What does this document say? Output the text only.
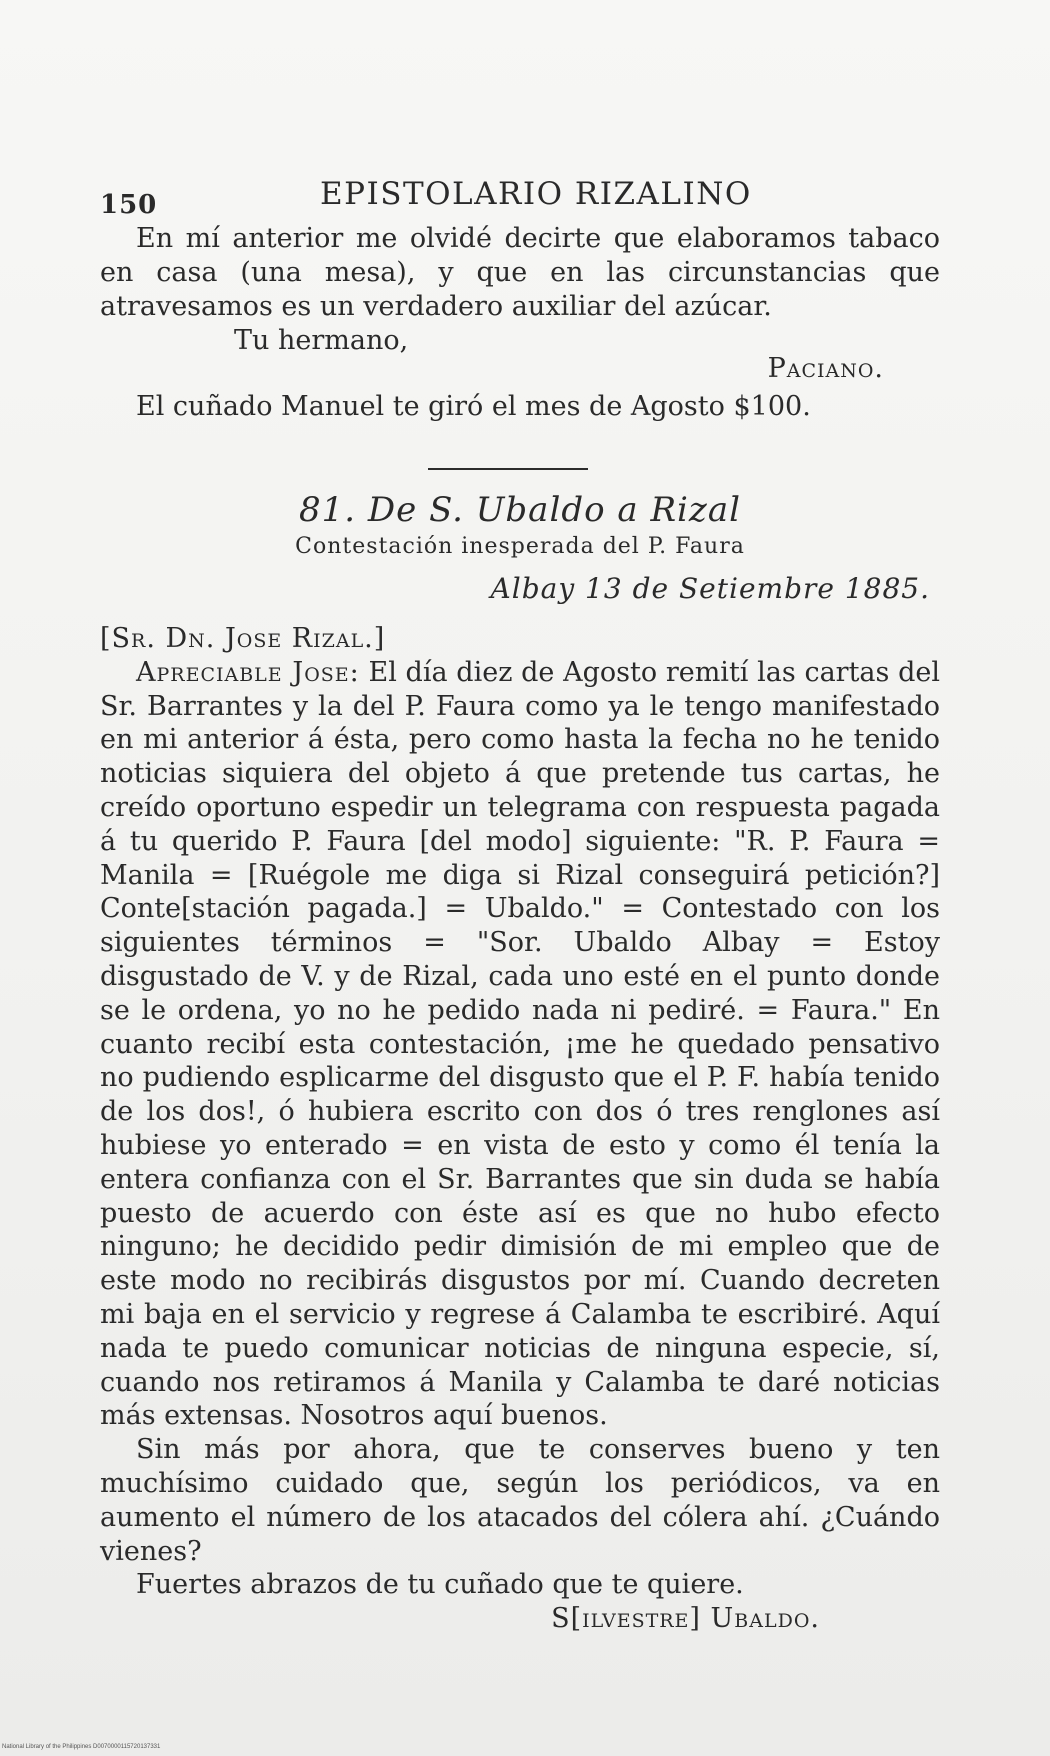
150	EPISTOLARIO RIZALINO

En mí anterior me olvidé decirte que elaboramos tabaco en casa (una mesa), y que en las circunstancias que atravesamos es un verdadero auxiliar del azúcar.

Tu hermano,

Paciano.

El cuñado Manuel te giró el mes de Agosto $100.

81. De S. Ubaldo a Rizal
Contestación inesperada del P. Faura
Albay 13 de Setiembre 1885.

[Sr. Dn. Jose Rizal.]

Apreciable Jose: El día diez de Agosto remití las cartas del Sr. Barrantes y la del P. Faura como ya le tengo manifestado en mi anterior á ésta, pero como hasta la fecha no he tenido noticias siquiera del objeto á que pretende tus cartas, he creído oportuno espedir un telegrama con respuesta pagada á tu querido P. Faura [del modo] siguiente: "R. P. Faura = Manila = [Ruégole me diga si Rizal conseguirá petición?] Conte[stación pagada.] = Ubaldo." = Contestado con los siguientes términos = "Sor. Ubaldo Albay = Estoy disgustado de V. y de Rizal, cada uno esté en el punto donde se le ordena, yo no he pedido nada ni pediré. = Faura." En cuanto recibí esta contestación, ¡me he quedado pensativo no pudiendo esplicarme del disgusto que el P. F. había tenido de los dos!, ó hubiera escrito con dos ó tres renglones así hubiese yo enterado = en vista de esto y como él tenía la entera confianza con el Sr. Barrantes que sin duda se había puesto de acuerdo con éste así es que no hubo efecto ninguno; he decidido pedir dimisión de mi empleo que de este modo no recibirás disgustos por mí. Cuando decreten mi baja en el servicio y regrese á Calamba te escribiré. Aquí nada te puedo comunicar noticias de ninguna especie, sí, cuando nos retiramos á Manila y Calamba te daré noticias más extensas. Nosotros aquí buenos.

Sin más por ahora, que te conserves bueno y ten muchísimo cuidado que, según los periódicos, va en aumento el número de los atacados del cólera ahí. ¿Cuándo vienes?

Fuertes abrazos de tu cuñado que te quiere.

S[ilvestre] Ubaldo.

National Library of the Philippines D0070000115720137331
